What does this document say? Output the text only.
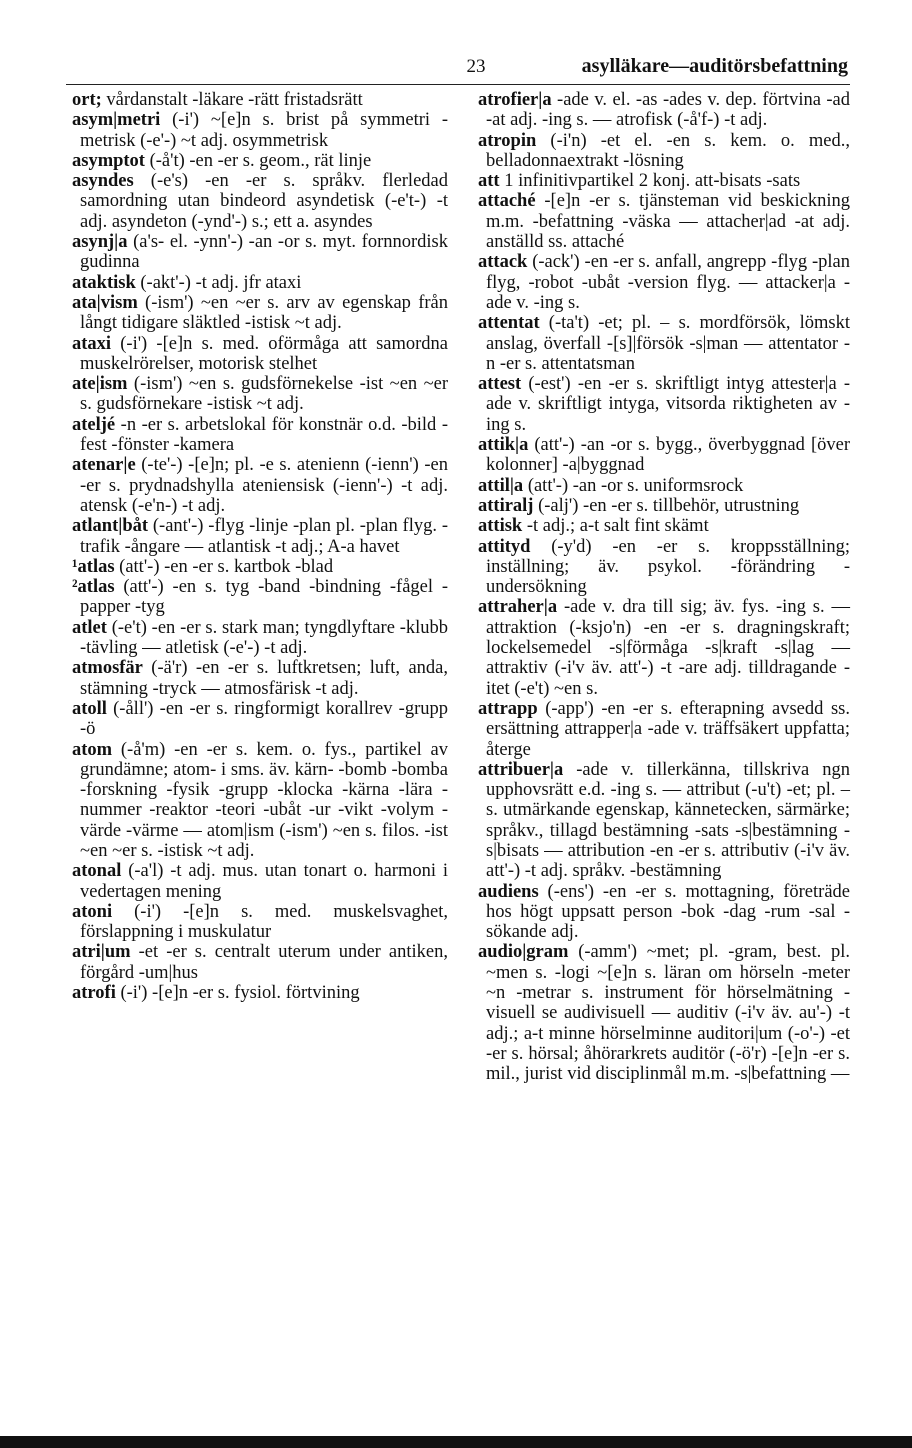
23	asylläkare—auditörsbefattning

ort; vårdanstalt -läkare -rätt fristadsrätt

asym|metri (-i') ~[e]n s. brist på symmetri -metrisk (-e'-) ~t adj. osymmetrisk

asymptot (-å't) -en -er s. geom., rät linje

asyndes (-e's) -en -er s. språkv. flerledad samordning utan bindeord asyndetisk (-e't-) -t adj. asyndeton (-ynd'-) s.; ett a. asyndes

asynj|a (a's- el. -ynn'-) -an -or s. myt. fornnordisk gudinna

ataktisk (-akt'-) -t adj. jfr ataxi

ata|vism (-ism') ~en ~er s. arv av egenskap från långt tidigare släktled -istisk ~t adj.

ataxi (-i') -[e]n s. med. oförmåga att samordna muskelrörelser, motorisk stelhet

ate|ism (-ism') ~en s. gudsförnekelse -ist ~en ~er s. gudsförnekare -istisk ~t adj.

ateljé -n -er s. arbetslokal för konstnär o.d. -bild -fest -fönster -kamera

atenar|e (-te'-) -[e]n; pl. -e s. atenienn (-ienn') -en -er s. prydnadshylla ateniensisk (-ienn'-) -t adj. atensk (-e'n-) -t adj.

atlant|båt (-ant'-) -flyg -linje -plan pl. -plan flyg. -trafik -ångare — atlantisk -t adj.; A-a havet

¹atlas (att'-) -en -er s. kartbok -blad

²atlas (att'-) -en s. tyg -band -bindning -fågel -papper -tyg

atlet (-e't) -en -er s. stark man; tyngdlyftare -klubb -tävling — atletisk (-e'-) -t adj.

atmosfär (-ä'r) -en -er s. luftkretsen; luft, anda, stämning -tryck — atmosfärisk -t adj.

atoll (-åll') -en -er s. ringformigt korallrev -grupp -ö

atom (-å'm) -en -er s. kem. o. fys., partikel av grundämne; atom- i sms. äv. kärn- -bomb -bomba -forskning -fysik -grupp -klocka -kärna -lära -nummer -reaktor -teori -ubåt -ur -vikt -volym -värde -värme — atom|ism (-ism') ~en s. filos. -ist ~en ~er s. -istisk ~t adj.

atonal (-a'l) -t adj. mus. utan tonart o. harmoni i vedertagen mening

atoni (-i') -[e]n s. med. muskelsvaghet, förslappning i muskulatur

atri|um -et -er s. centralt uterum under antiken, förgård -um|hus

atrofi (-i') -[e]n -er s. fysiol. förtvining

atrofier|a -ade v. el. -as -ades v. dep. förtvina -ad -at adj. -ing s. — atrofisk (-å'f-) -t adj.

atropin (-i'n) -et el. -en s. kem. o. med., belladonnaextrakt -lösning

att 1 infinitivpartikel 2 konj. att-bisats -sats

attaché -[e]n -er s. tjänsteman vid beskickning m.m. -befattning -väska — attacher|ad -at adj. anställd ss. attaché

attack (-ack') -en -er s. anfall, angrepp -flyg -plan flyg, -robot -ubåt -version flyg. — attacker|a -ade v. -ing s.

attentat (-ta't) -et; pl. – s. mordförsök, lömskt anslag, överfall -[s]|försök -s|man — attentator -n -er s. attentatsman

attest (-est') -en -er s. skriftligt intyg attester|a -ade v. skriftligt intyga, vitsorda riktigheten av -ing s.

attik|a (att'-) -an -or s. bygg., överbyggnad [över kolonner] -a|byggnad

attil|a (att'-) -an -or s. uniformsrock

attiralj (-alj') -en -er s. tillbehör, utrustning

attisk -t adj.; a-t salt fint skämt

attityd (-y'd) -en -er s. kroppsställning; inställning; äv. psykol. -förändring -undersökning

attraher|a -ade v. dra till sig; äv. fys. -ing s. — attraktion (-ksjo'n) -en -er s. dragningskraft; lockelsemedel -s|förmåga -s|kraft -s|lag — attraktiv (-i'v äv. att'-) -t -are adj. tilldragande -itet (-e't) ~en s.

attrapp (-app') -en -er s. efterapning avsedd ss. ersättning attrapper|a -ade v. träffsäkert uppfatta; återge

attribuer|a -ade v. tillerkänna, tillskriva ngn upphovsrätt e.d. -ing s. — attribut (-u't) -et; pl. – s. utmärkande egenskap, kännetecken, särmärke; språkv., tillagd bestämning -sats -s|bestämning -s|bisats — attribution -en -er s. attributiv (-i'v äv. att'-) -t adj. språkv. -bestämning

audiens (-ens') -en -er s. mottagning, företräde hos högt uppsatt person -bok -dag -rum -sal -sökande adj.

audio|gram (-amm') ~met; pl. -gram, best. pl. ~men s. -logi ~[e]n s. läran om hörseln -meter ~n -metrar s. instrument för hörselmätning -visuell se audivisuell — auditiv (-i'v äv. au'-) -t adj.; a-t minne hörselminne auditori|um (-o'-) -et -er s. hörsal; åhörarkrets auditör (-ö'r) -[e]n -er s. mil., jurist vid disciplinmål m.m. -s|befattning —
